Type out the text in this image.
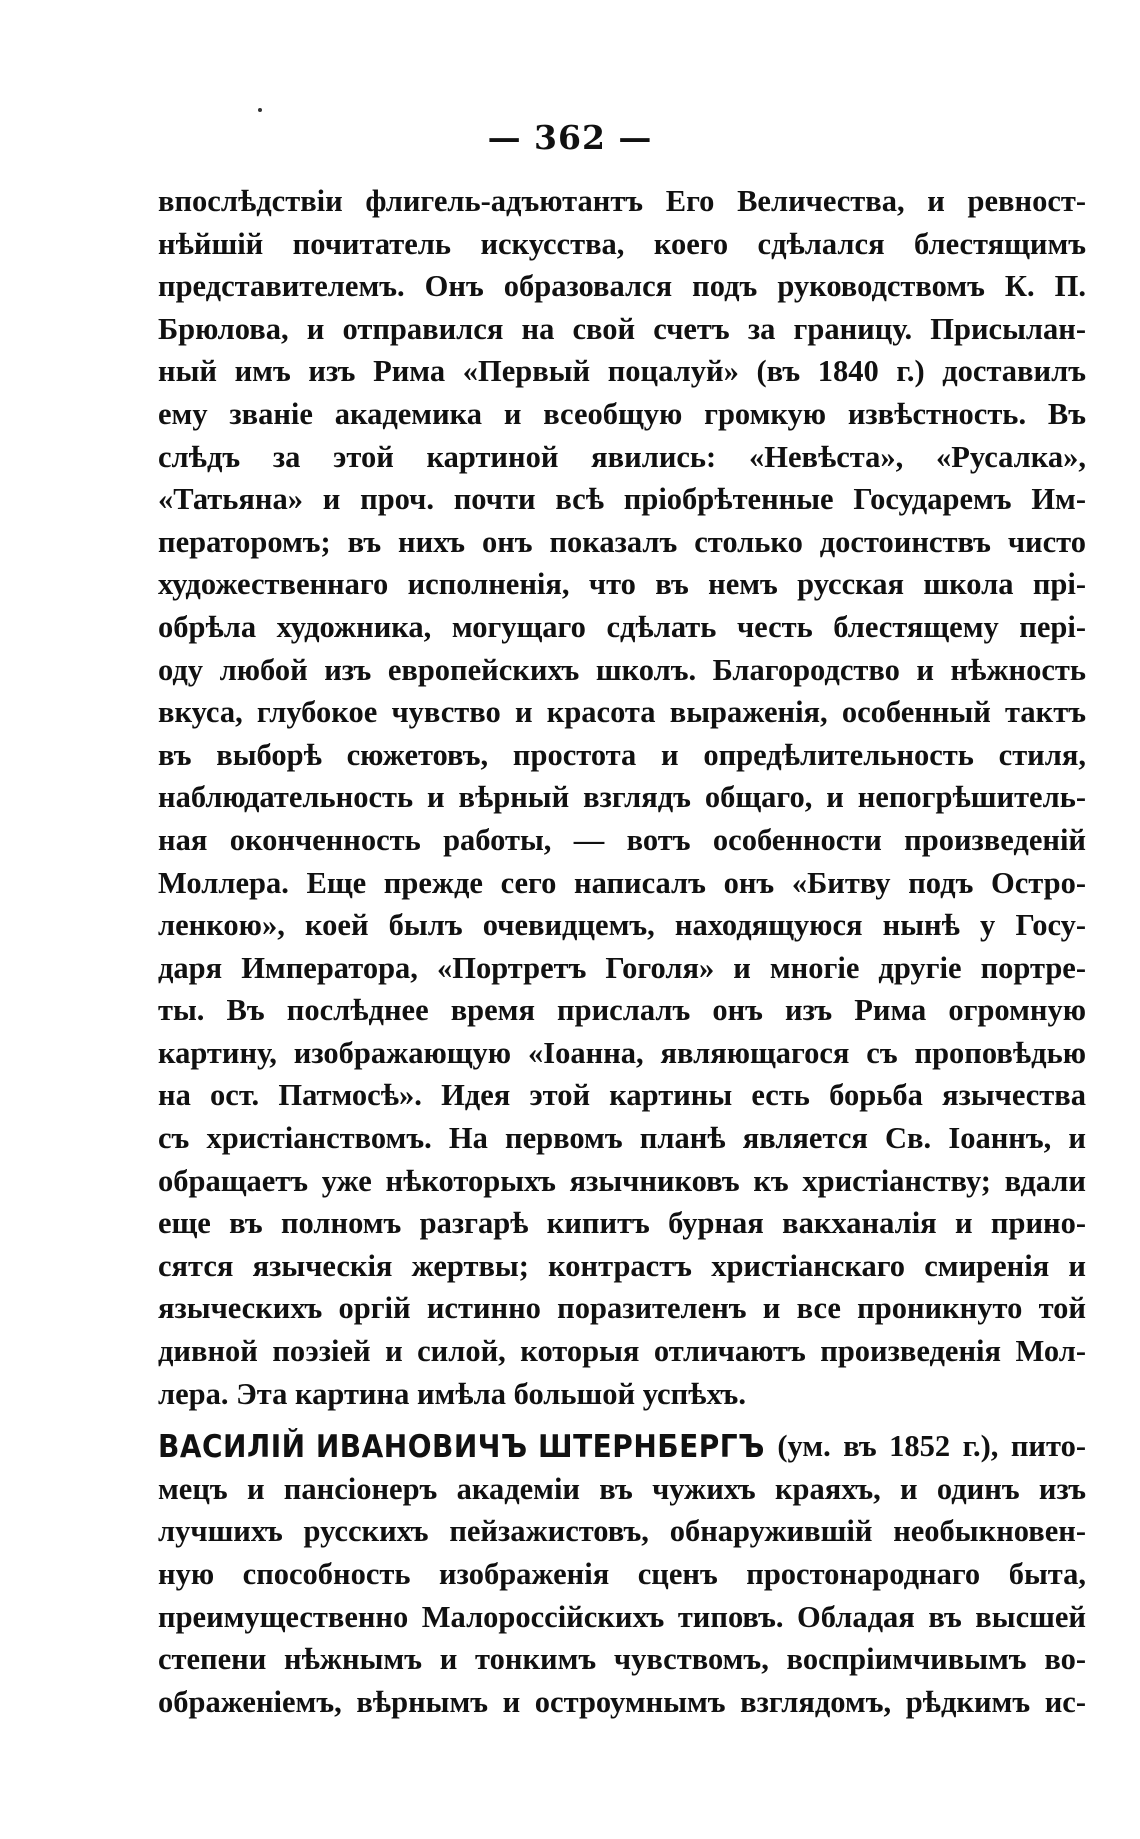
— 362 —
впослѣдствіи флигель-адъютантъ Его Величества, и ревност-
нѣйшій почитатель искусства, коего сдѣлался блестящимъ
представителемъ. Онъ образовался подъ руководствомъ К. П.
Брюлова, и отправился на свой счетъ за границу. Присылан-
ный имъ изъ Рима «Первый поцалуй» (въ 1840 г.) доставилъ
ему званіе академика и всеобщую громкую извѣстность. Въ
слѣдъ за этой картиной явились: «Невѣста», «Русалка»,
«Татьяна» и проч. почти всѣ пріобрѣтенные Государемъ Им-
ператоромъ; въ нихъ онъ показалъ столько достоинствъ чисто
художественнаго исполненія, что въ немъ русская школа прі-
обрѣла художника, могущаго сдѣлать честь блестящему пері-
оду любой изъ европейскихъ школъ. Благородство и нѣжность
вкуса, глубокое чувство и красота выраженія, особенный тактъ
въ выборѣ сюжетовъ, простота и опредѣлительность стиля,
наблюдательность и вѣрный взглядъ общаго, и непогрѣшитель-
ная оконченность работы, — вотъ особенности произведеній
Моллера. Еще прежде сего написалъ онъ «Битву подъ Остро-
ленкою», коей былъ очевидцемъ, находящуюся нынѣ у Госу-
даря Императора, «Портретъ Гоголя» и многіе другіе портре-
ты. Въ послѣднее время прислалъ онъ изъ Рима огромную
картину, изображающую «Іоанна, являющагося съ проповѣдью
на ост. Патмосѣ». Идея этой картины есть борьба язычества
съ христіанствомъ. На первомъ планѣ является Св. Іоаннъ, и
обращаетъ уже нѣкоторыхъ язычниковъ къ христіанству; вдали
еще въ полномъ разгарѣ кипитъ бурная вакханалія и прино-
сятся языческія жертвы; контрастъ христіанскаго смиренія и
языческихъ оргій истинно поразителенъ и все проникнуто той
дивной поэзіей и силой, которыя отличаютъ произведенія Мол-
лера. Эта картина имѣла большой успѣхъ.
ВАСИЛІЙ ИВАНОВИЧЪ ШТЕРНБЕРГЪ (ум. въ 1852 г.), пито-
мецъ и пансіонеръ академіи въ чужихъ краяхъ, и одинъ изъ
лучшихъ русскихъ пейзажистовъ, обнаружившій необыкновен-
ную способность изображенія сценъ простонароднаго быта,
преимущественно Малороссійскихъ типовъ. Обладая въ высшей
степени нѣжнымъ и тонкимъ чувствомъ, воспріимчивымъ во-
ображеніемъ, вѣрнымъ и остроумнымъ взглядомъ, рѣдкимъ ис-
